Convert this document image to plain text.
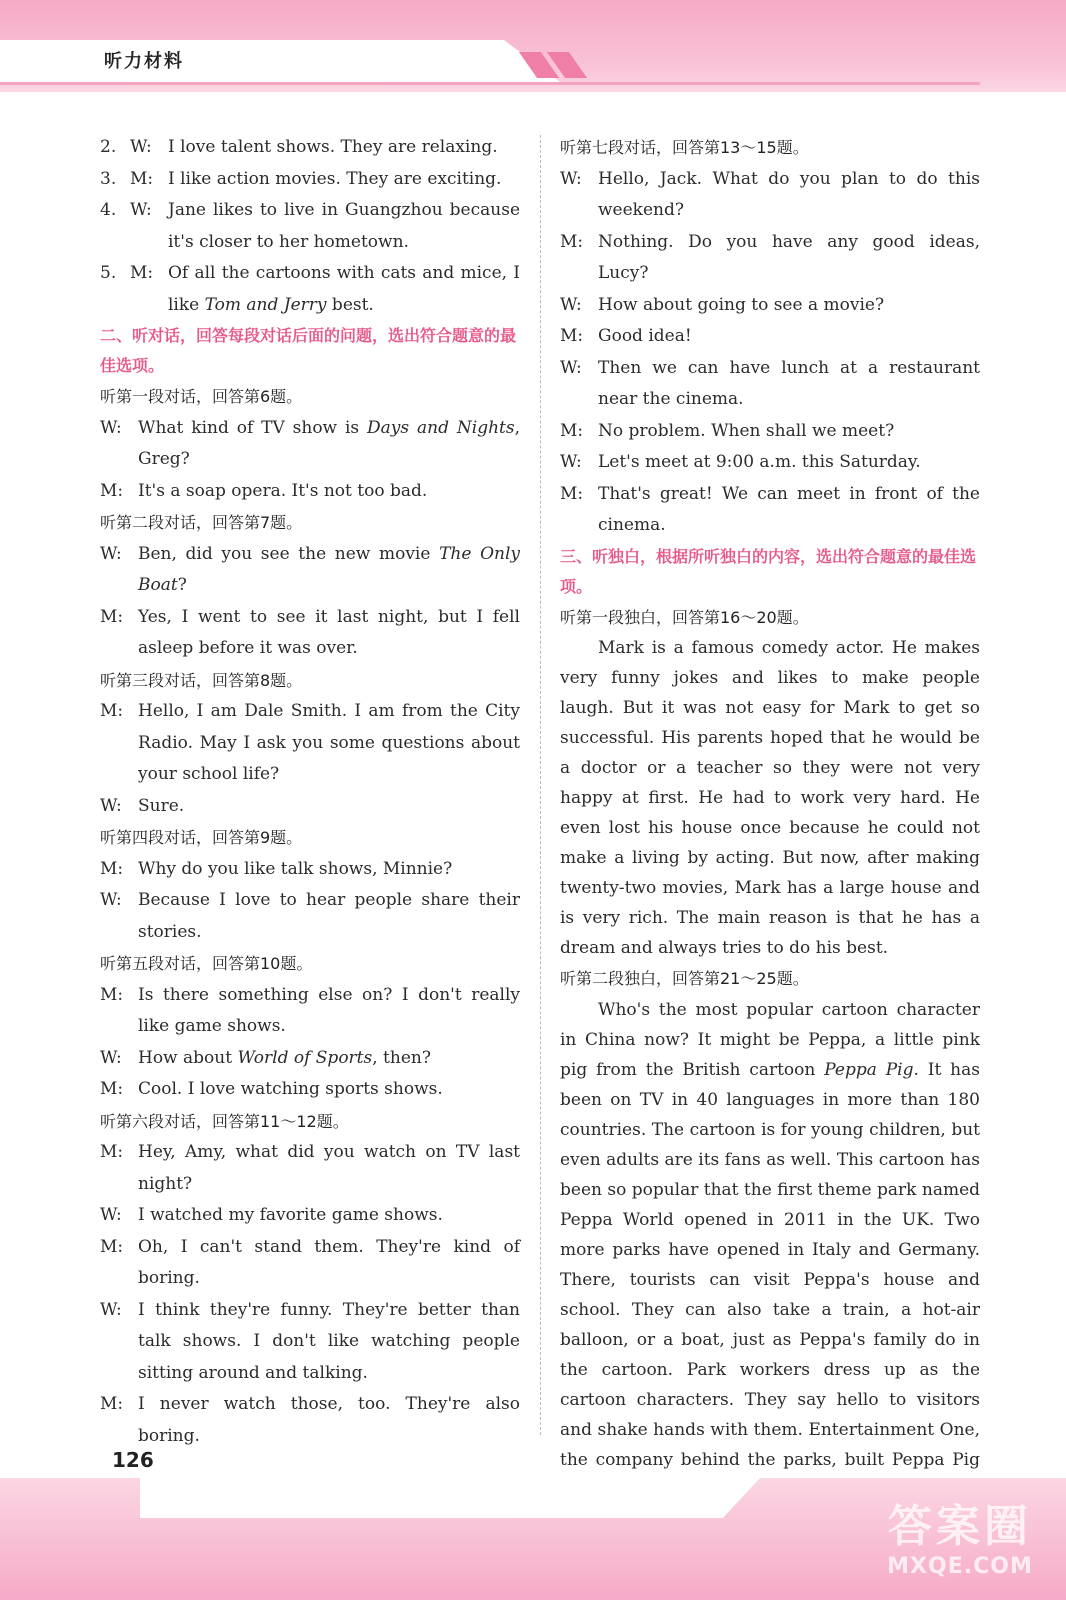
听力材料
2. W: I love talent shows. They are relaxing.
3. M: I like action movies. They are exciting.
4. W: Jane likes to live in Guangzhou because it's closer to her hometown.
5. M: Of all the cartoons with cats and mice, I like Tom and Jerry best.

二、听对话，回答每段对话后面的问题，选出符合题意的最佳选项。

听第一段对话，回答第6题。

W: What kind of TV show is Days and Nights, Greg?
M: It's a soap opera. It's not too bad.

听第二段对话，回答第7题。

W: Ben, did you see the new movie The Only Boat?
M: Yes, I went to see it last night, but I fell asleep before it was over.

听第三段对话，回答第8题。

M: Hello, I am Dale Smith. I am from the City Radio. May I ask you some questions about your school life?
W: Sure.

听第四段对话，回答第9题。

M: Why do you like talk shows, Minnie?
W: Because I love to hear people share their stories.

听第五段对话，回答第10题。

M: Is there something else on? I don't really like game shows.
W: How about World of Sports, then?
M: Cool. I love watching sports shows.

听第六段对话，回答第11～12题。

M: Hey, Amy, what did you watch on TV last night?
W: I watched my favorite game shows.
M: Oh, I can't stand them. They're kind of boring.
W: I think they're funny. They're better than talk shows. I don't like watching people sitting around and talking.
M: I never watch those, too. They're also boring.

听第七段对话，回答第13～15题。

W: Hello, Jack. What do you plan to do this weekend?
M: Nothing. Do you have any good ideas, Lucy?
W: How about going to see a movie?
M: Good idea!
W: Then we can have lunch at a restaurant near the cinema.
M: No problem. When shall we meet?
W: Let's meet at 9:00 a.m. this Saturday.
M: That's great! We can meet in front of the cinema.

三、听独白，根据所听独白的内容，选出符合题意的最佳选项。

听第一段独白，回答第16～20题。

Mark is a famous comedy actor. He makes very funny jokes and likes to make people laugh. But it was not easy for Mark to get so successful. His parents hoped that he would be a doctor or a teacher so they were not very happy at first. He had to work very hard. He even lost his house once because he could not make a living by acting. But now, after making twenty-two movies, Mark has a large house and is very rich. The main reason is that he has a dream and always tries to do his best.

听第二段独白，回答第21～25题。

Who's the most popular cartoon character in China now? It might be Peppa, a little pink pig from the British cartoon Peppa Pig. It has been on TV in 40 languages in more than 180 countries. The cartoon is for young children, but even adults are its fans as well. This cartoon has been so popular that the first theme park named Peppa World opened in 2011 in the UK. Two more parks have opened in Italy and Germany. There, tourists can visit Peppa's house and school. They can also take a train, a hot-air balloon, or a boat, just as Peppa's family do in the cartoon. Park workers dress up as the cartoon characters. They say hello to visitors and shake hands with them. Entertainment One, the company behind the parks, built Peppa Pig

126
答案圈
MXQE.COM
